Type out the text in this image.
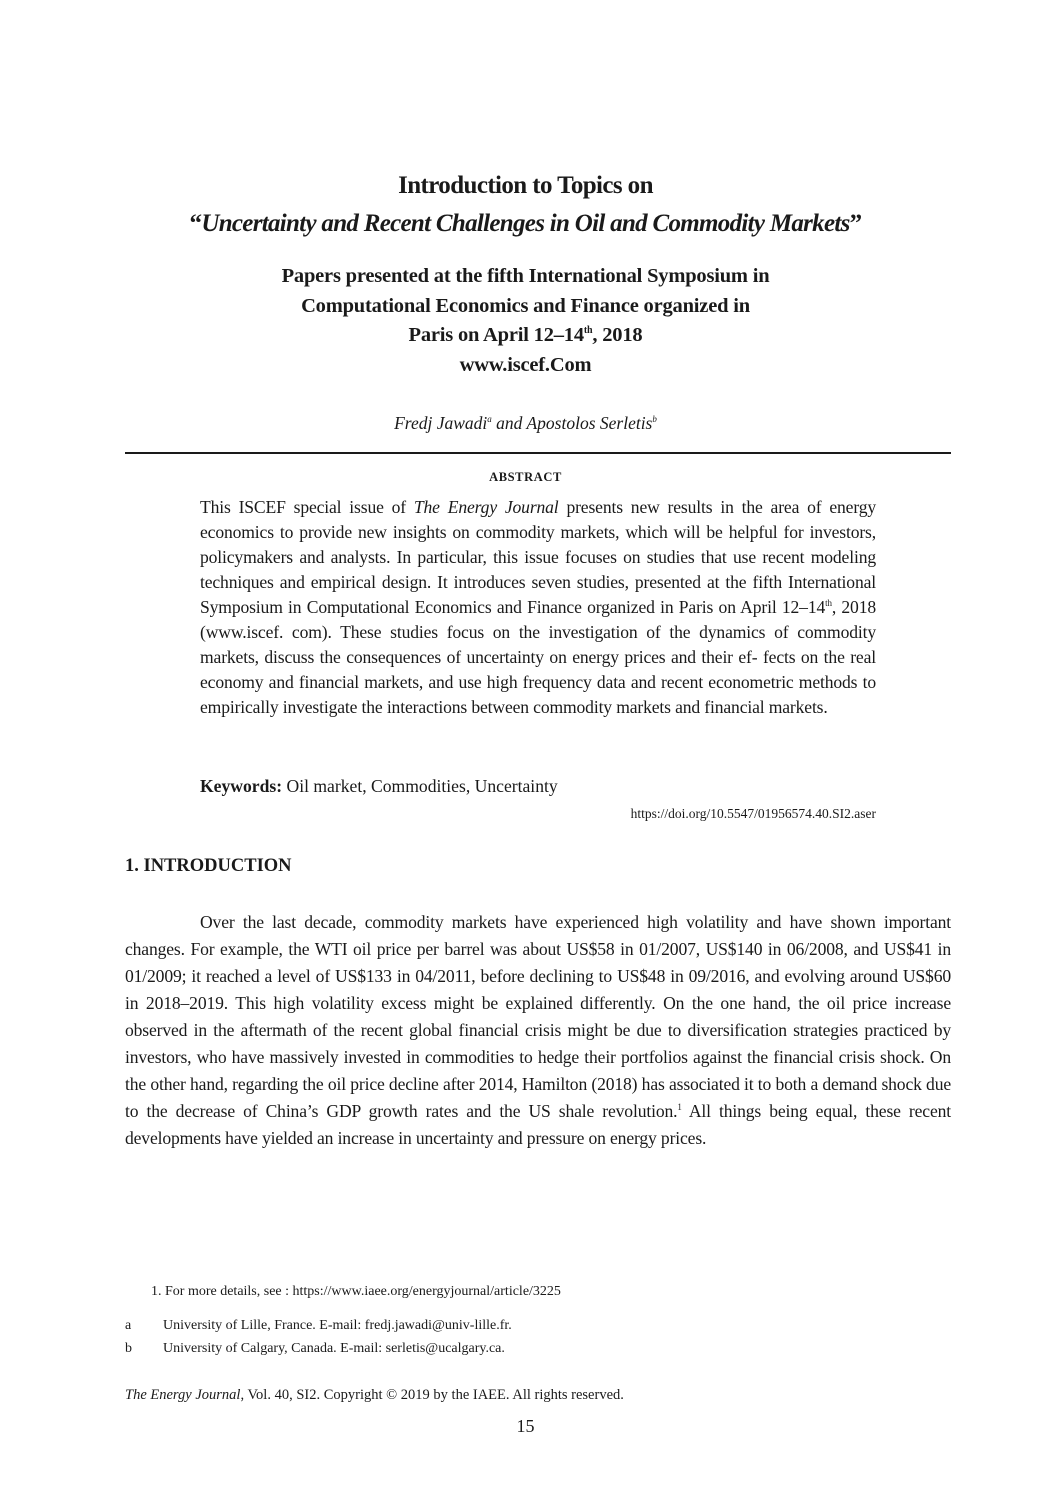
Introduction to Topics on
“Uncertainty and Recent Challenges in Oil and Commodity Markets”
Papers presented at the fifth International Symposium in
Computational Economics and Finance organized in
Paris on April 12–14th, 2018
www.iscef.Com
Fredj Jawadi$^a$ and Apostolos Serletis$^b$
ABSTRACT
This ISCEF special issue of The Energy Journal presents new results in the area of energy economics to provide new insights on commodity markets, which will be helpful for investors, policymakers and analysts. In particular, this issue focuses on studies that use recent modeling techniques and empirical design. It introduces seven studies, presented at the fifth International Symposium in Computational Economics and Finance organized in Paris on April 12–14th, 2018 (www.iscef. com). These studies focus on the investigation of the dynamics of commodity markets, discuss the consequences of uncertainty on energy prices and their ef- fects on the real economy and financial markets, and use high frequency data and recent econometric methods to empirically investigate the interactions between commodity markets and financial markets.
Keywords: Oil market, Commodities, Uncertainty
https://doi.org/10.5547/01956574.40.SI2.aser
1. INTRODUCTION
Over the last decade, commodity markets have experienced high volatility and have shown important changes. For example, the WTI oil price per barrel was about US$58 in 01/2007, US$140 in 06/2008, and US$41 in 01/2009; it reached a level of US$133 in 04/2011, before declining to US$48 in 09/2016, and evolving around US$60 in 2018–2019. This high volatility excess might be explained differently. On the one hand, the oil price increase observed in the aftermath of the recent global financial crisis might be due to diversification strategies practiced by investors, who have massively invested in commodities to hedge their portfolios against the financial crisis shock. On the other hand, regarding the oil price decline after 2014, Hamilton (2018) has associated it to both a demand shock due to the decrease of China’s GDP growth rates and the US shale revolution.$^1$ All things being equal, these recent developments have yielded an increase in uncertainty and pressure on energy prices.
1. For more details, see : https://www.iaee.org/energyjournal/article/3225
a University of Lille, France. E-mail: fredj.jawadi@univ-lille.fr.
b University of Calgary, Canada. E-mail: serletis@ucalgary.ca.
The Energy Journal, Vol. 40, SI2. Copyright © 2019 by the IAEE. All rights reserved.
15
